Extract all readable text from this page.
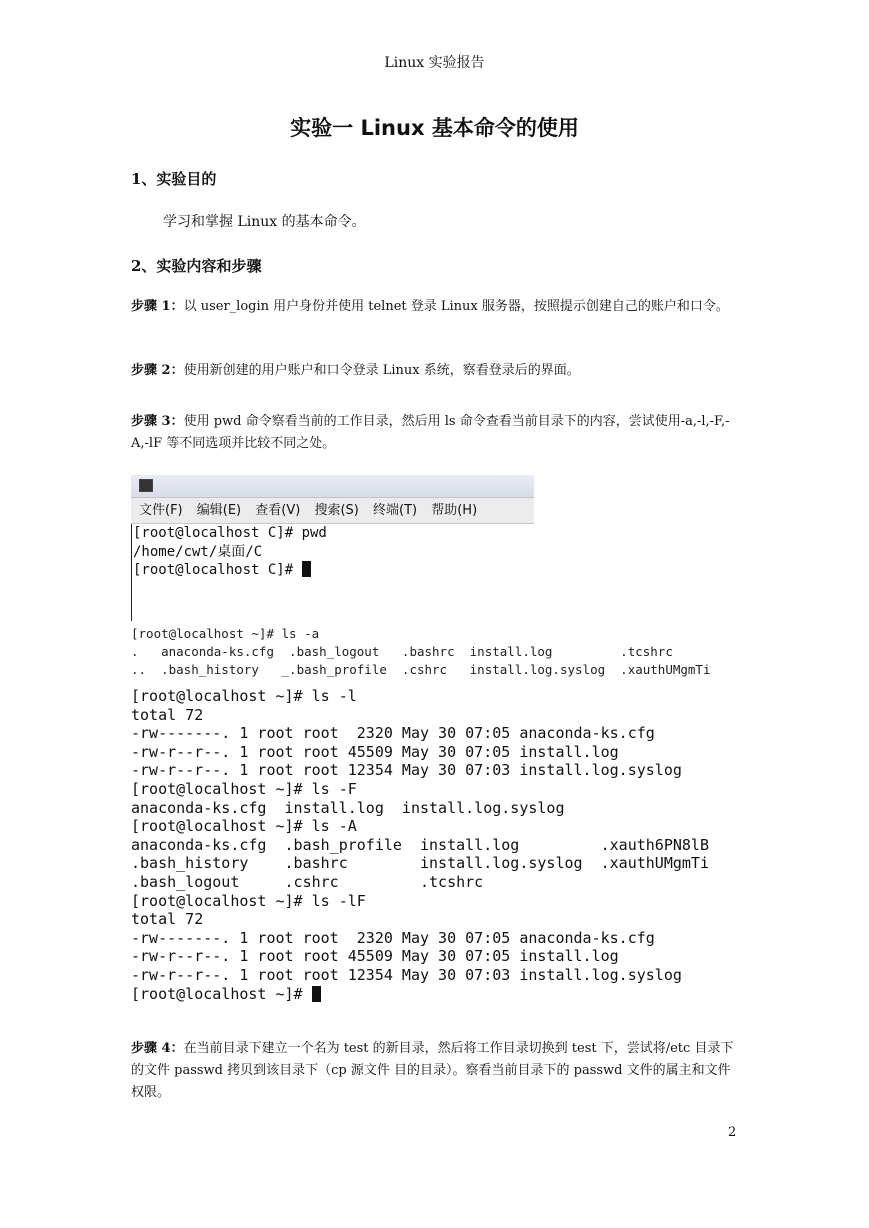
Linux 实验报告
实验一 Linux 基本命令的使用
1、实验目的
学习和掌握 Linux 的基本命令。
2、实验内容和步骤
步骤 1：以 user_login 用户身份并使用 telnet 登录 Linux 服务器，按照提示创建自己的账户和口令。
步骤 2：使用新创建的用户账户和口令登录 Linux 系统，察看登录后的界面。
步骤 3：使用 pwd 命令察看当前的工作目录，然后用 ls 命令查看当前目录下的内容，尝试使用-a,-l,-F,-A,-lF 等不同选项并比较不同之处。
文件(F) 编辑(E) 查看(V) 搜索(S) 终端(T) 帮助(H)
[root@localhost C]# pwd
/home/cwt/桌面/C
[root@localhost C]#
[root@localhost ~]# ls -a
.   anaconda-ks.cfg  .bash_logout   .bashrc  install.log         .tcshrc
..  .bash_history   _.bash_profile  .cshrc   install.log.syslog  .xauthUMgmTi
[root@localhost ~]# ls -l
total 72
-rw-------. 1 root root  2320 May 30 07:05 anaconda-ks.cfg
-rw-r--r--. 1 root root 45509 May 30 07:05 install.log
-rw-r--r--. 1 root root 12354 May 30 07:03 install.log.syslog
[root@localhost ~]# ls -F
anaconda-ks.cfg  install.log  install.log.syslog
[root@localhost ~]# ls -A
anaconda-ks.cfg  .bash_profile  install.log         .xauth6PN8lB
.bash_history    .bashrc        install.log.syslog  .xauthUMgmTi
.bash_logout     .cshrc         .tcshrc
[root@localhost ~]# ls -lF
total 72
-rw-------. 1 root root  2320 May 30 07:05 anaconda-ks.cfg
-rw-r--r--. 1 root root 45509 May 30 07:05 install.log
-rw-r--r--. 1 root root 12354 May 30 07:03 install.log.syslog
[root@localhost ~]#
步骤 4：在当前目录下建立一个名为 test 的新目录，然后将工作目录切换到 test 下，尝试将/etc 目录下的文件 passwd 拷贝到该目录下（cp 源文件 目的目录）。察看当前目录下的 passwd 文件的属主和文件权限。
2
